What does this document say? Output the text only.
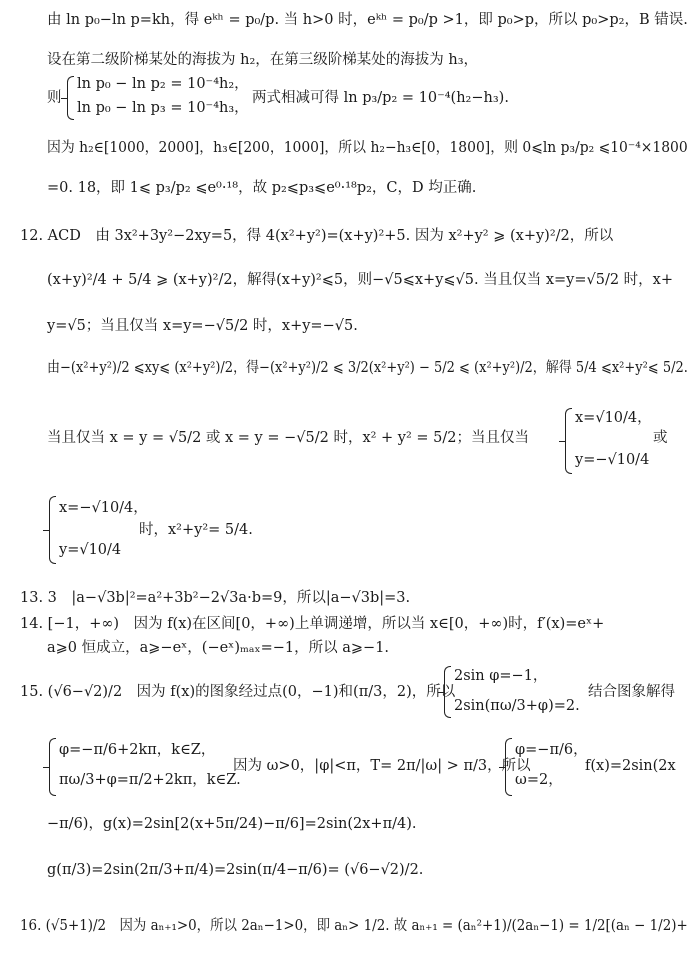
由 ln p₀−ln p=kh，得 eᵏʰ = p₀/p. 当 h>0 时，eᵏʰ = p₀/p >1，即 p₀>p，所以 p₀>p₂，B 错误.
设在第二级阶梯某处的海拔为 h₂，在第三级阶梯某处的海拔为 h₃，
则
ln p₀ − ln p₂ = 10⁻⁴h₂，
ln p₀ − ln p₃ = 10⁻⁴h₃，
两式相减可得 ln p₃/p₂ = 10⁻⁴(h₂−h₃).
因为 h₂∈[1000，2000]，h₃∈[200，1000]，所以 h₂−h₃∈[0，1800]，则 0⩽ln p₃/p₂ ⩽10⁻⁴×1800
=0. 18，即 1⩽ p₃/p₂ ⩽e⁰·¹⁸，故 p₂⩽p₃⩽e⁰·¹⁸p₂，C，D 均正确.
12. ACD　由 3x²+3y²−2xy=5，得 4(x²+y²)=(x+y)²+5. 因为 x²+y² ⩾ (x+y)²/2，所以
(x+y)²/4 + 5/4 ⩾ (x+y)²/2，解得(x+y)²⩽5，则−√5⩽x+y⩽√5. 当且仅当 x=y=√5/2 时，x+
y=√5；当且仅当 x=y=−√5/2 时，x+y=−√5.
由−(x²+y²)/2 ⩽xy⩽ (x²+y²)/2，得−(x²+y²)/2 ⩽ 3/2(x²+y²) − 5/2 ⩽ (x²+y²)/2，解得 5/4 ⩽x²+y²⩽ 5/2.
当且仅当 x = y = √5/2 或 x = y = −√5/2 时，x² + y² = 5/2；当且仅当
x=√10/4，
y=−√10/4
或
x=−√10/4，
y=√10/4
时，x²+y²= 5/4.
13. 3　|a−√3b|²=a²+3b²−2√3a·b=9，所以|a−√3b|=3.
14. [−1，+∞)　因为 f(x)在区间[0，+∞)上单调递增，所以当 x∈[0，+∞)时，f′(x)=eˣ+
a⩾0 恒成立，a⩾−eˣ，(−eˣ)ₘₐₓ=−1，所以 a⩾−1.
15. (√6−√2)/2　因为 f(x)的图象经过点(0，−1)和(π/3，2)，所以
2sin φ=−1，
2sin(πω/3+φ)=2.
结合图象解得
φ=−π/6+2kπ，k∈Z，
πω/3+φ=π/2+2kπ，k∈Z.
因为 ω>0，|φ|<π，T= 2π/|ω| > π/3，所以
φ=−π/6，
ω=2，
f(x)=2sin(2x
−π/6)，g(x)=2sin[2(x+5π/24)−π/6]=2sin(2x+π/4).
g(π/3)=2sin(2π/3+π/4)=2sin(π/4−π/6)= (√6−√2)/2.
16. (√5+1)/2　因为 aₙ₊₁>0，所以 2aₙ−1>0，即 aₙ> 1/2. 故 aₙ₊₁ = (aₙ²+1)/(2aₙ−1) = 1/2[(aₙ − 1/2)+
